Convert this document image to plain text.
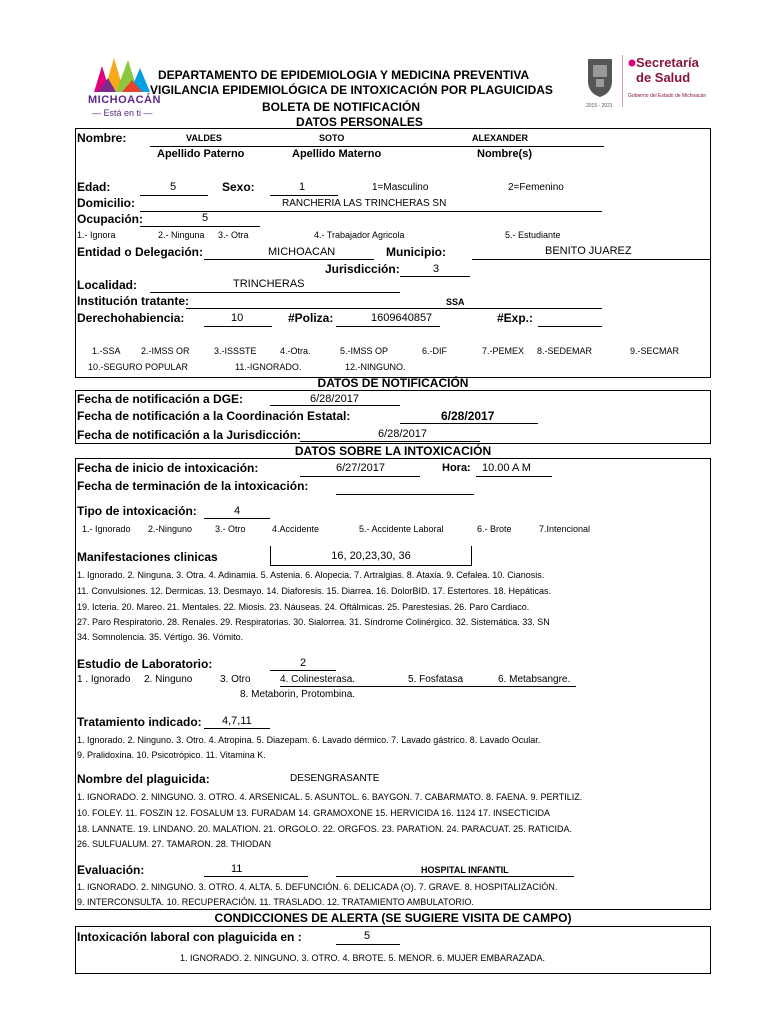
MICHOACÁN
— Está en ti —
DEPARTAMENTO DE EPIDEMIOLOGIA Y MEDICINA PREVENTIVA
VIGILANCIA EPIDEMIOLÓGICA DE INTOXICACIÓN POR PLAGUICIDAS
BOLETA DE NOTIFICACIÓN
DATOS PERSONALES
2015 - 2021
Secretaría
de Salud
Gobierno del Estado de Michoacán
Nombre:	VALDES	SOTO	ALEXANDER
Apellido Paterno	Apellido Materno	Nombre(s)
Edad:	5	Sexo:	1	1=Masculino	2=Femenino
Domicilio:	RANCHERIA LAS TRINCHERAS SN
Ocupación:	5
1.- Ignora	2.- Ninguna 3.- Otra	4.- Trabajador Agricola	5.- Estudiante
Entidad o Delegación:	MICHOACAN	Municipio:	BENITO JUAREZ
Jurisdicción:	3
Localidad:	TRINCHERAS
Institución tratante:	SSA
Derechohabiencia:	10	#Poliza:	1609640857	#Exp.:
1.-SSA 2.-IMSS OR	3.-ISSSTE	4.-Otra.	5.-IMSS OP	6.-DIF	7.-PEMEX 8.-SEDEMAR	9.-SECMAR
10.-SEGURO POPULAR	11.-IGNORADO.	12.-NINGUNO.
DATOS DE NOTIFICACIÓN
Fecha de notificación a DGE:	6/28/2017
Fecha de notificación a la Coordinación Estatal:	6/28/2017
Fecha de notificación a la Jurisdicción:	6/28/2017
DATOS SOBRE LA INTOXICACIÓN
Fecha de inicio de intoxicación:	6/27/2017	Hora: 10.00 A M
Fecha de terminación de la intoxicación:
Tipo de intoxicación:	4
1.- Ignorado 2.-Ninguno	3.- Otro	4.Accidente	5.- Accidente Laboral	6.- Brote	7.Intencional
Manifestaciones clinicas	16, 20,23,30, 36
1. Ignorado. 2. Ninguna. 3. Otra. 4. Adinamia. 5. Astenia. 6. Alopecia. 7. Artralgias. 8. Ataxia. 9. Cefalea. 10. Cianosis.
11. Convulsiones. 12. Dermicas. 13. Desmayo. 14. Diaforesis. 15. Diarrea. 16. DolorBID. 17. Estertores. 18. Hepáticas.
19. Icteria. 20. Mareo. 21. Mentales. 22. Miosis. 23. Náuseas. 24. Oftálmicas. 25. Parestesias. 26. Paro Cardiaco.
27. Paro Respiratorio. 28. Renales. 29. Respiratorias. 30. Sialorrea. 31. Síndrome Colinérgico. 32. Sistemática. 33. SN
34. Somnolencia. 35. Vértigo. 36. Vómito.
Estudio de Laboratorio:	2
1 . Ignorado 2. Ninguno	3. Otro	4. Colinesterasa.	5. Fosfatasa	6. Metabsangre.
8. Metaborin, Protombina.
Tratamiento indicado: 4,7,11
1. Ignorado. 2. Ninguno. 3. Otro. 4. Atropina. 5. Diazepam. 6. Lavado dérmico. 7. Lavado gástrico. 8. Lavado Ocular.
9. Pralidoxina. 10. Psicotrópico. 11. Vitamina K.
Nombre del plaguicida:	DESENGRASANTE
1. IGNORADO. 2. NINGUNO. 3. OTRO. 4. ARSENICAL. 5. ASUNTOL. 6. BAYGON. 7. CABARMATO. 8. FAENA. 9. PERTILIZ.
10. FOLEY. 11. FOSZIN 12. FOSALUM 13. FURADAM 14. GRAMOXONE 15. HERVICIDA 16. 1124 17. INSECTICIDA
18. LANNATE. 19. LINDANO. 20. MALATION. 21. ORGOLO. 22. ORGFOS. 23. PARATION. 24. PARACUAT. 25. RATICIDA.
26. SULFUALUM. 27. TAMARON. 28. THIODAN
Evaluación:	11	HOSPITAL INFANTIL
1. IGNORADO. 2. NINGUNO. 3. OTRO. 4. ALTA. 5. DEFUNCIÓN. 6. DELICADA (O). 7. GRAVE. 8. HOSPITALIZACIÓN.
9. INTERCONSULTA. 10. RECUPERACIÓN. 11. TRASLADO. 12. TRATAMIENTO AMBULATORIO.
CONDICCIONES DE ALERTA (SE SUGIERE VISITA DE CAMPO)
Intoxicación laboral con plaguicida en :	5
1. IGNORADO. 2. NINGUNO. 3. OTRO. 4. BROTE. 5. MENOR. 6. MUJER EMBARAZADA.
